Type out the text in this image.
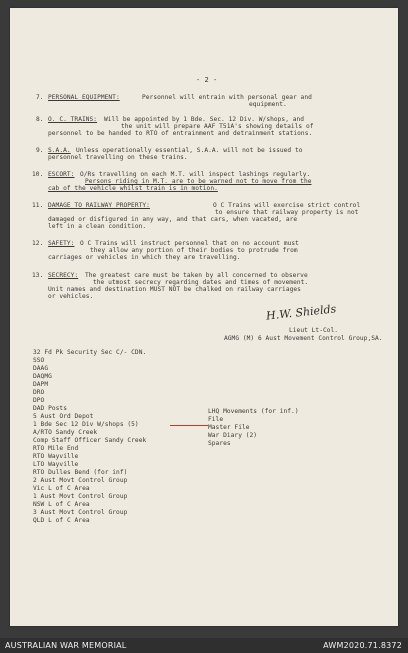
- 2 -
7. PERSONAL EQUIPMENT:	Personnel will entrain with personal gear and
equipment.
8. O. C. TRAINS: Will be appointed by 1 Bde. Sec. 12 Div. W/shops, and
the unit will prepare AAF T51A's showing details of
personnel to be handed to RTO of entrainment and detrainment stations.
9. S.A.A. Unless operationally essential, S.A.A. will not be issued to
personnel travelling on these trains.
10. ESCORT: O/Rs travelling on each M.T. will inspect lashings regularly.
Persons riding in M.T. are to be warned not to move from the
cab of the vehicle whilst train is in motion.
11. DAMAGE TO RAILWAY PROPERTY:	O C Trains will exercise strict control
to ensure that railway property is not
damaged or disfigured in any way, and that cars, when vacated, are
left in a clean condition.
12. SAFETY: O C Trains will instruct personnel that on no account must
they allow any portion of their bodies to protrude from
carriages or vehicles in which they are travelling.
13. SECRECY: The greatest care must be taken by all concerned to observe
the utmost secrecy regarding dates and times of movement.
Unit names and destination MUST NOT be chalked on railway carriages
or vehicles.
H.W. Shields
Lieut Lt-Col.
AGMG (M) 6 Aust Movement Control Group,SA.
32 Fd Pk Security Sec C/- CDN.
SSO
DAAG
DAQMG
DAPM
DRO
DPO
DAD Posts
5 Aust Ord Depot
1 Bde Sec 12 Div W/shops (5)
A/RTO Sandy Creek
Comp Staff Officer Sandy Creek
RTO Mile End
RTO Wayville
LTO Wayville
RTO Dulles Bend (for inf)
2 Aust Movt Control Group
Vic L of C Area
1 Aust Movt Control Group
NSW L of C Area
3 Aust Movt Control Group
QLD L of C Area
LHQ Movements (for inf.)
File
Master File
War Diary (2)
Spares
AUSTRALIAN WAR MEMORIAL	AWM2020.71.8372
